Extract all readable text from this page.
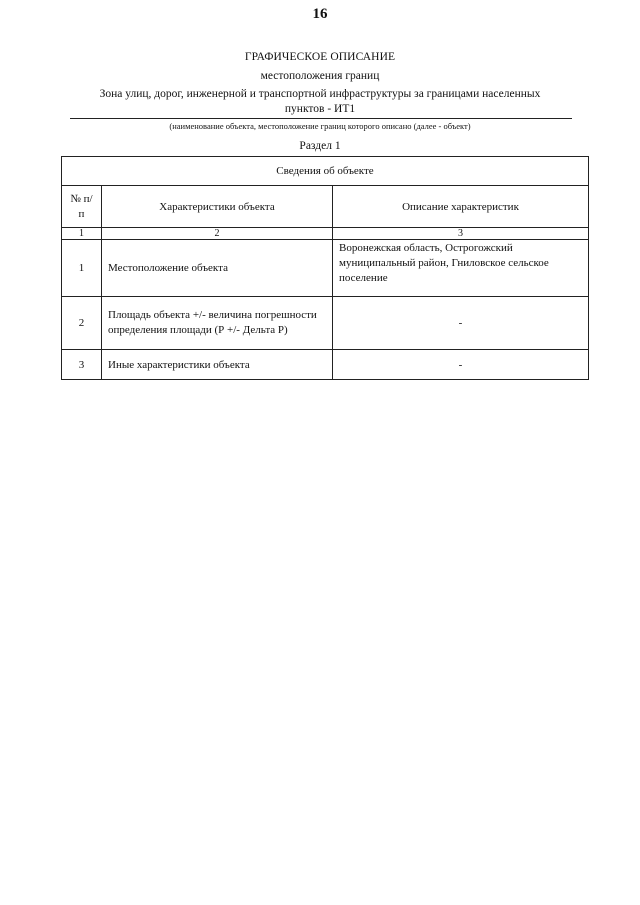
16
ГРАФИЧЕСКОЕ ОПИСАНИЕ
местоположения границ
Зона улиц, дорог, инженерной и транспортной инфраструктуры за границами населенных пунктов - ИТ1
(наименование объекта, местоположение границ которого описано (далее - объект)
Раздел 1
Сведения об объекте		
№ п/п	Характеристики объекта	Описание характеристик
1	2	3
1	Местоположение объекта	Воронежская область, Острогожский муниципальный район, Гниловское сельское поселение
2	Площадь объекта +/- величина погрешности определения площади (Р +/- Дельта Р)	-
3	Иные характеристики объекта	-
